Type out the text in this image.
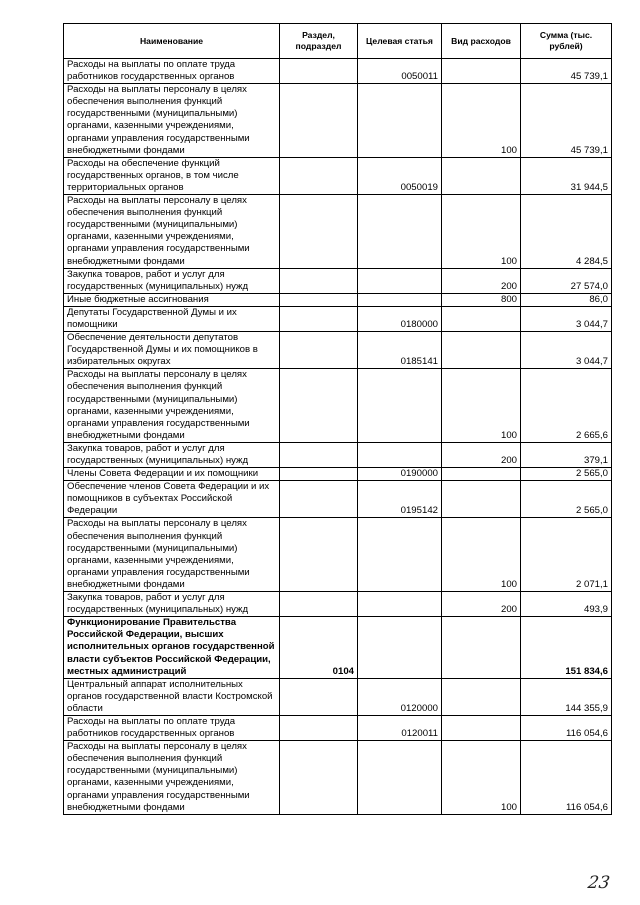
Наименование	Раздел, подраздел	Целевая статья	Вид расходов	Сумма (тыс. рублей)
Расходы на выплаты по оплате труда работников государственных органов		0050011		45 739,1
Расходы на выплаты персоналу в целях обеспечения выполнения функций государственными (муниципальными) органами, казенными учреждениями, органами управления государственными внебюджетными фондами			100	45 739,1
Расходы на обеспечение функций государственных органов, в том числе территориальных органов		0050019		31 944,5
Расходы на выплаты персоналу в целях обеспечения выполнения функций государственными (муниципальными) органами, казенными учреждениями, органами управления государственными внебюджетными фондами			100	4 284,5
Закупка товаров, работ и услуг для государственных (муниципальных) нужд			200	27 574,0
Иные бюджетные ассигнования			800	86,0
Депутаты Государственной Думы и их помощники		0180000		3 044,7
Обеспечение деятельности депутатов Государственной Думы и их помощников в избирательных округах		0185141		3 044,7
Расходы на выплаты персоналу в целях обеспечения выполнения функций государственными (муниципальными) органами, казенными учреждениями, органами управления государственными внебюджетными фондами			100	2 665,6
Закупка товаров, работ и услуг для государственных (муниципальных) нужд			200	379,1
Члены Совета Федерации и их помощники		0190000		2 565,0
Обеспечение членов Совета Федерации и их помощников в субъектах Российской Федерации		0195142		2 565,0
Расходы на выплаты персоналу в целях обеспечения выполнения функций государственными (муниципальными) органами, казенными учреждениями, органами управления государственными внебюджетными фондами			100	2 071,1
Закупка товаров, работ и услуг для государственных (муниципальных) нужд			200	493,9
Функционирование Правительства Российской Федерации, высших исполнительных органов государственной власти субъектов Российской Федерации, местных администраций	0104			151 834,6
Центральный аппарат исполнительных органов государственной власти Костромской области		0120000		144 355,9
Расходы на выплаты по оплате труда работников государственных органов		0120011		116 054,6
Расходы на выплаты персоналу в целях обеспечения выполнения функций государственными (муниципальными) органами, казенными учреждениями, органами управления государственными внебюджетными фондами			100	116 054,6
23
